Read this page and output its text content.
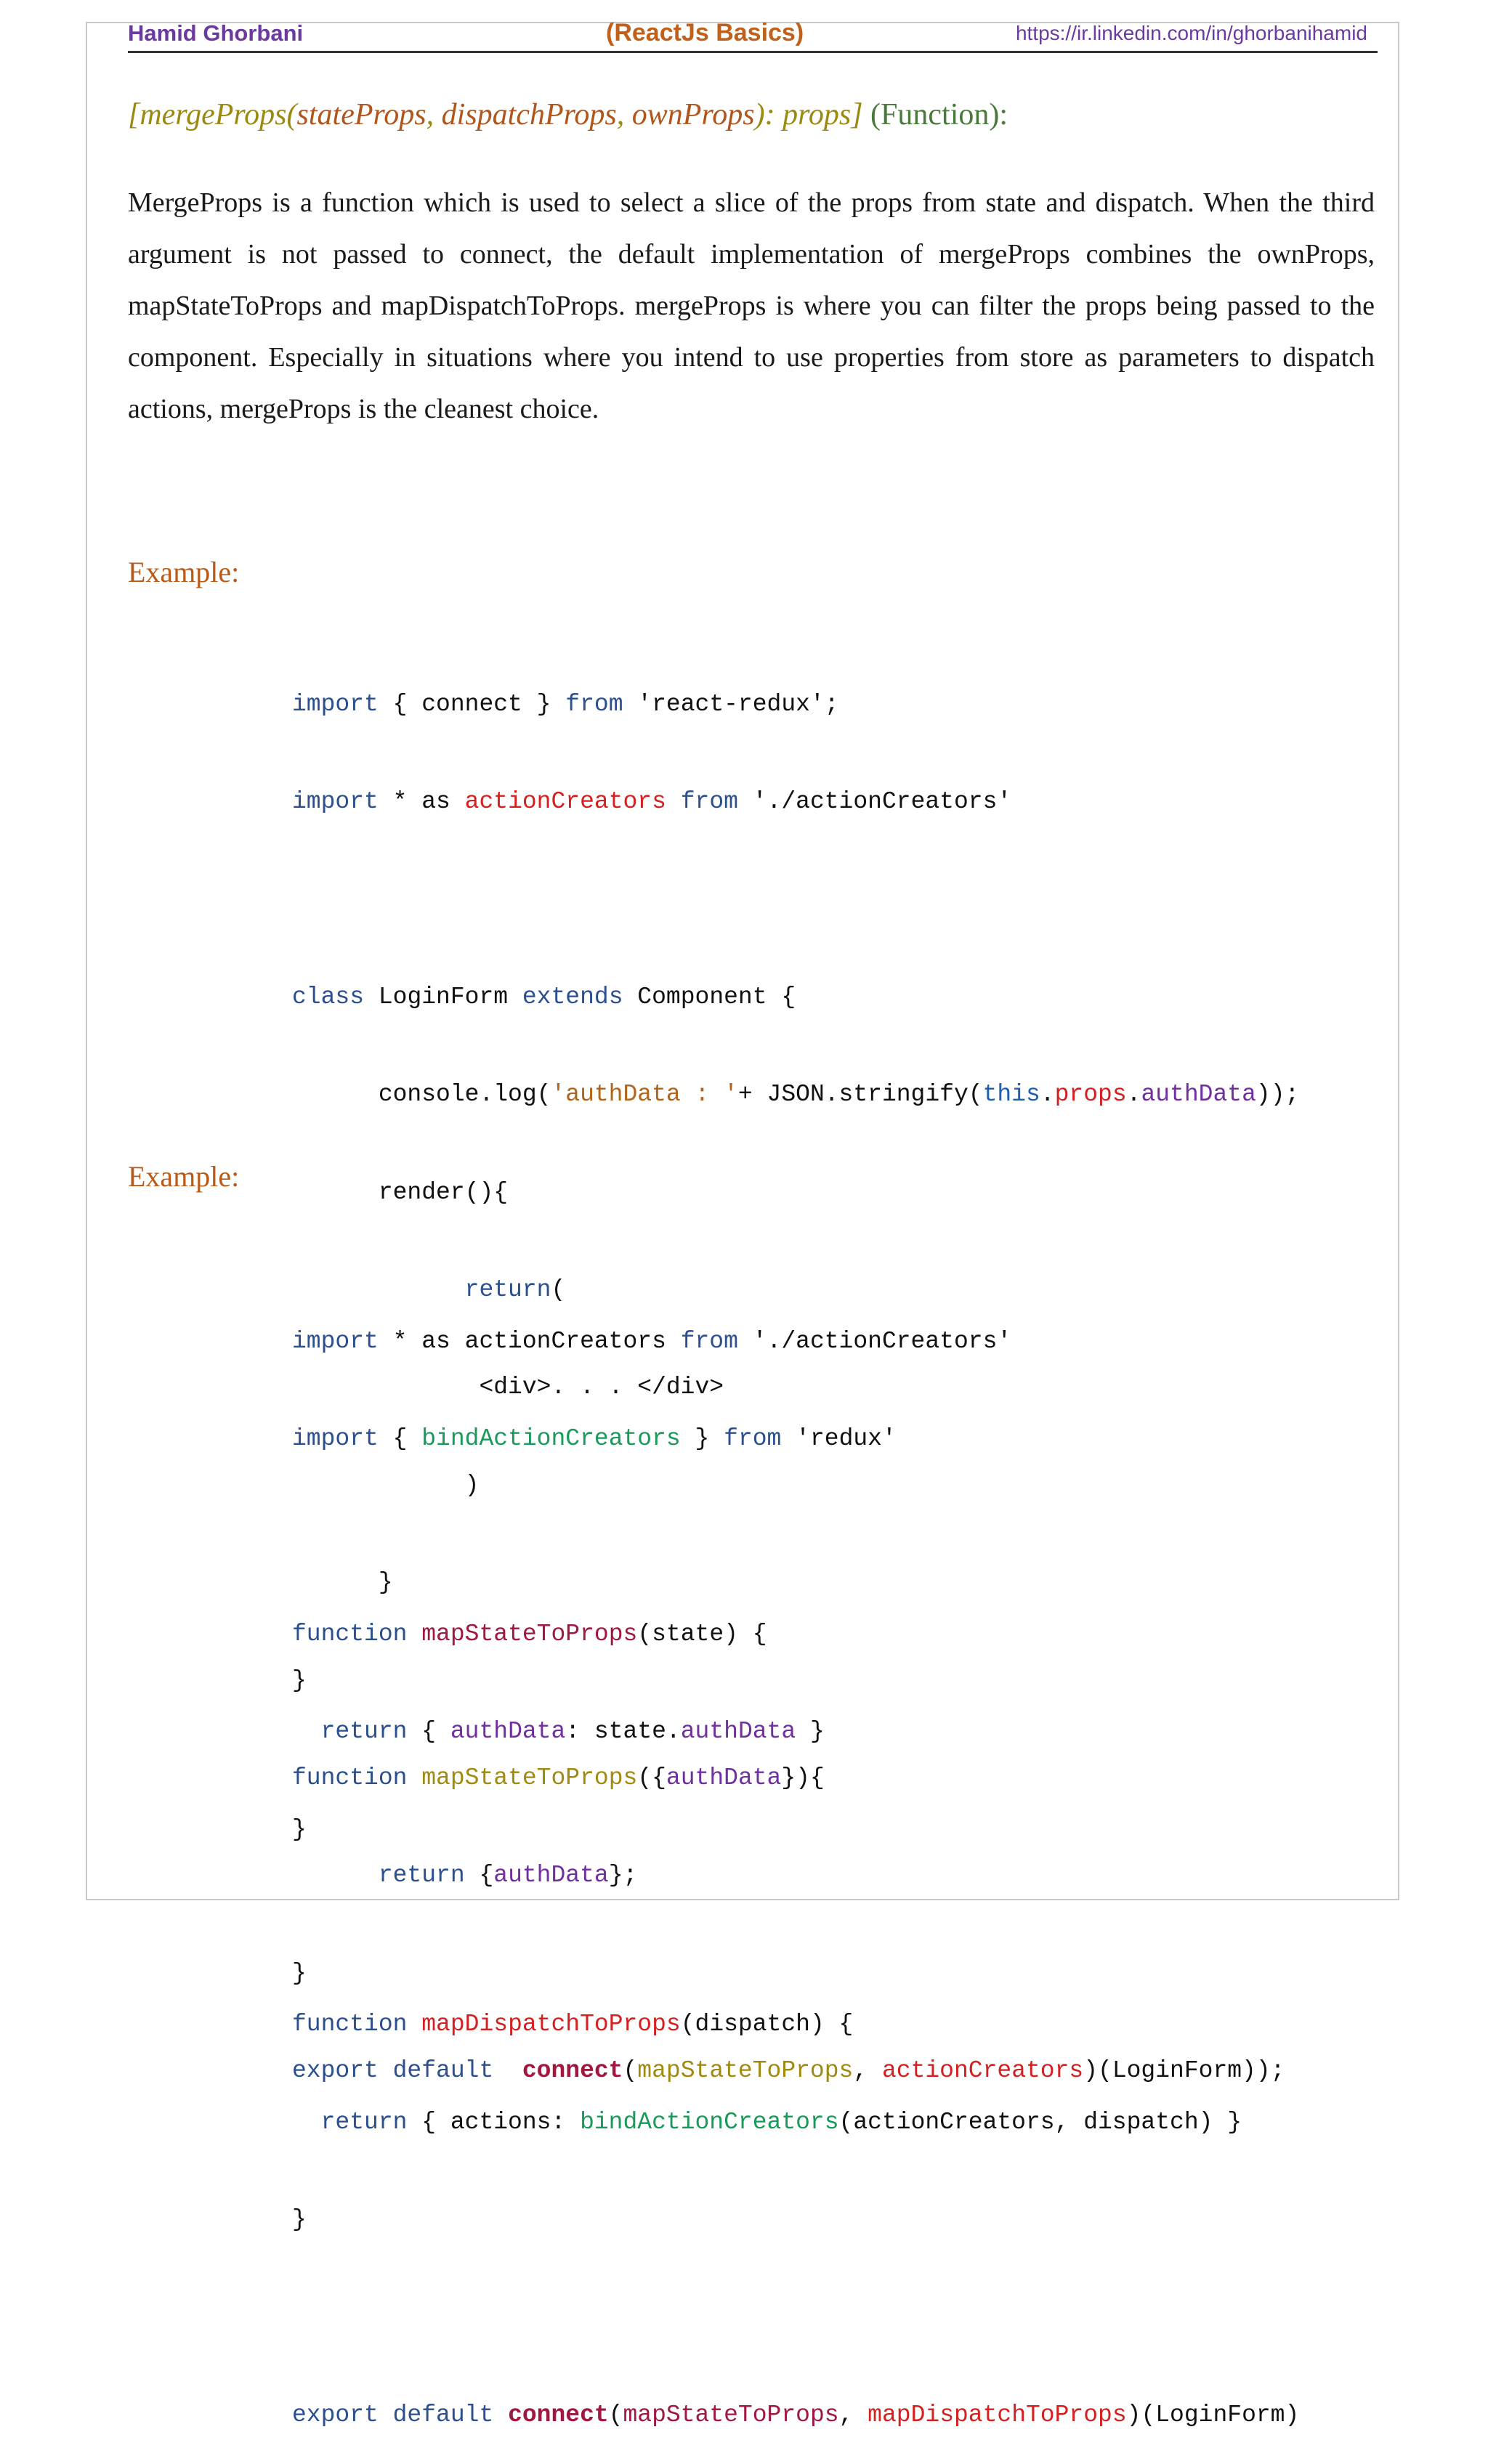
Hamid Ghorbani	(ReactJs Basics)	https://ir.linkedin.com/in/ghorbanihamid
[mergeProps(stateProps, dispatchProps, ownProps): props] (Function):
MergeProps is a function which is used to select a slice of the props from state and dispatch. When the third argument is not passed to connect, the default implementation of mergeProps combines the ownProps, mapStateToProps and mapDispatchToProps. mergeProps is where you can filter the props being passed to the component. Especially in situations where you intend to use properties from store as parameters to dispatch actions, mergeProps is the cleanest choice.
Example:

import { connect } from 'react-redux';

import * as actionCreators from './actionCreators'

class LoginForm extends Component {

console.log('authData : '+ JSON.stringify(this.props.authData));

render(){

return(

<div>. . . </div>

)

}

}

function mapStateToProps({authData}){

return {authData};

}

export default connect(mapStateToProps, actionCreators)(LoginForm));

Example:

import * as actionCreators from './actionCreators'

import { bindActionCreators } from 'redux'

function mapStateToProps(state) {

return { authData: state.authData }

}

function mapDispatchToProps(dispatch) {

return { actions: bindActionCreators(actionCreators, dispatch) }

}

export default connect(mapStateToProps, mapDispatchToProps)(LoginForm)
